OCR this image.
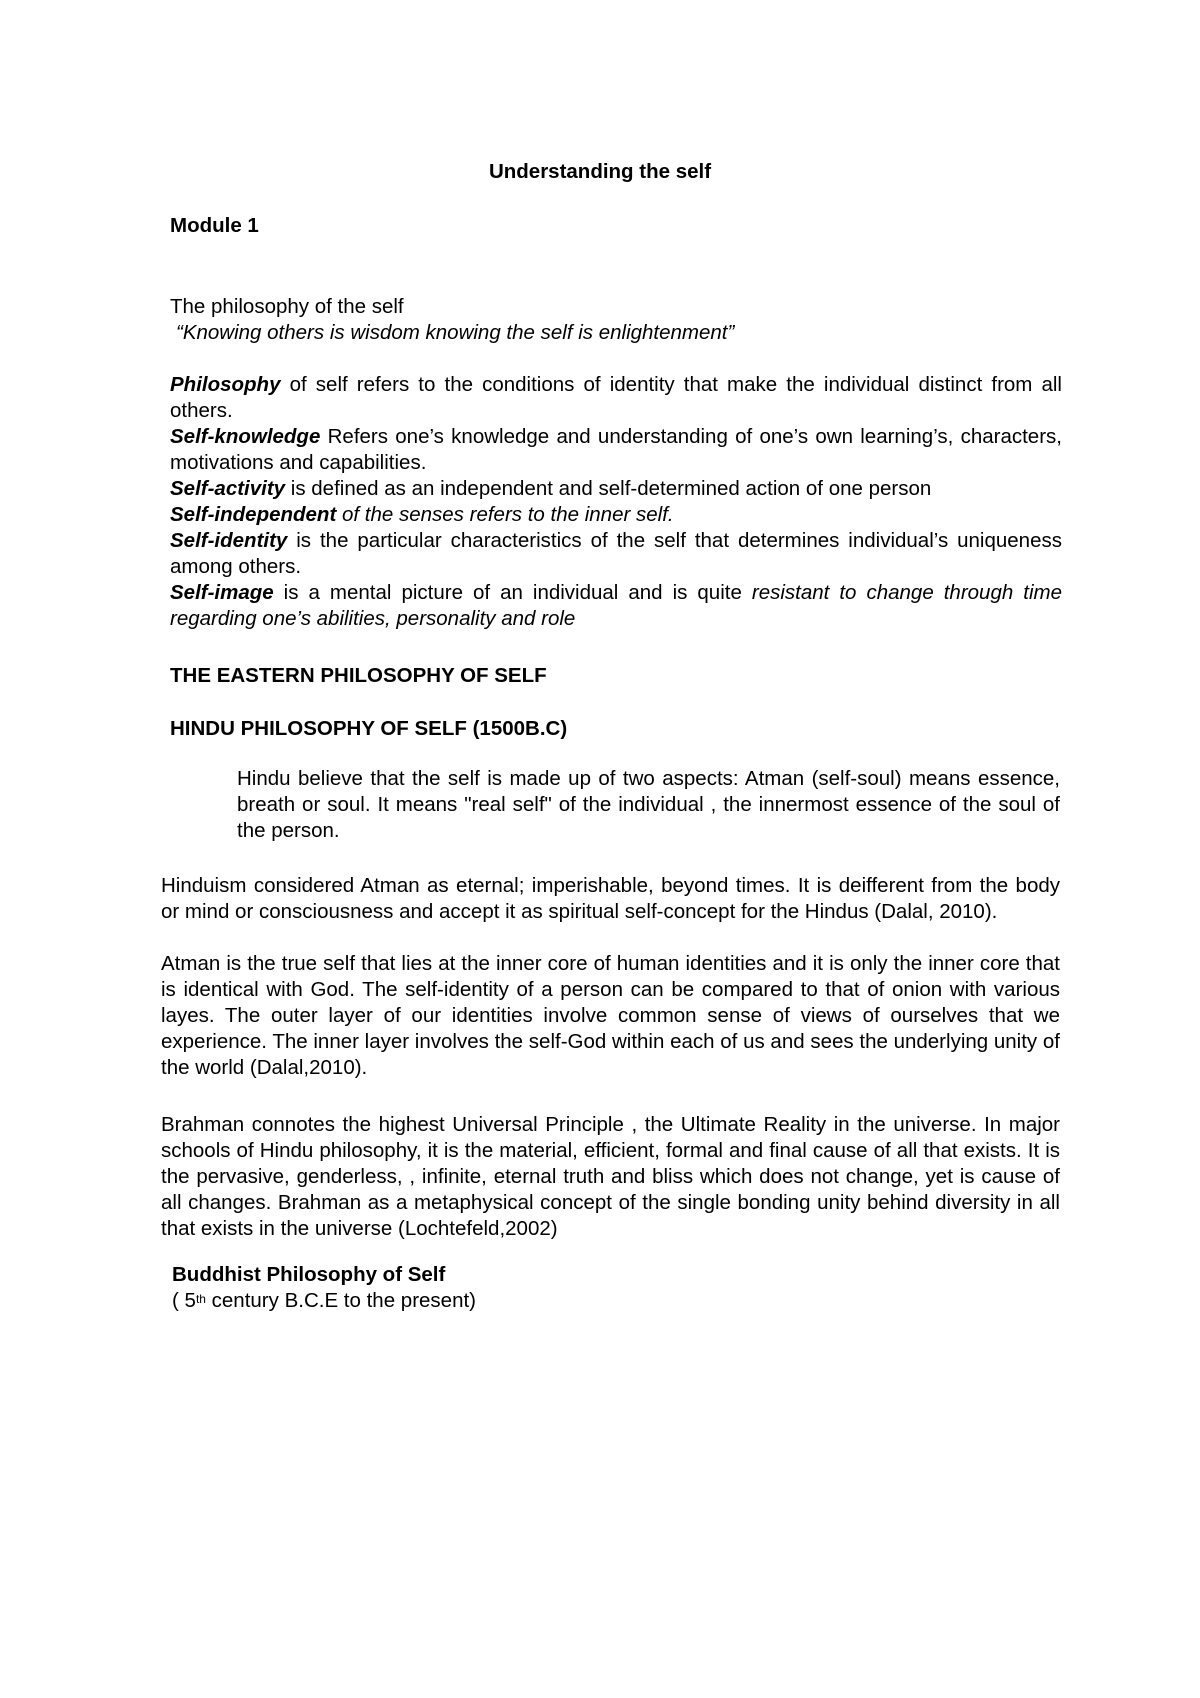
Understanding the self
Module 1
The philosophy of the self
“Knowing others is wisdom knowing the self is enlightenment”
Philosophy of self refers to the conditions of identity that make the individual distinct from all others.
Self-knowledge Refers one’s knowledge and understanding of one’s own learning’s, characters, motivations and capabilities.
Self-activity is defined as an independent and self-determined action of one person
Self-independent of the senses refers to the inner self.
Self-identity is the particular characteristics of the self that determines individual’s uniqueness among others.
Self-image is a mental picture of an individual and is quite resistant to change through time regarding one’s abilities, personality and role
THE EASTERN PHILOSOPHY OF SELF
HINDU PHILOSOPHY OF SELF (1500B.C)
Hindu believe that the self is made up of two aspects: Atman (self-soul) means essence, breath or soul. It means "real self" of the individual , the innermost essence of the soul of the person.
Hinduism considered Atman as eternal; imperishable, beyond times. It is deifferent from the body or mind or consciousness and accept it as spiritual self-concept for the Hindus (Dalal, 2010).
Atman is the true self that lies at the inner core of human identities and it is only the inner core that is identical with God. The self-identity of a person can be compared to that of onion with various layes. The outer layer of our identities involve common sense of views of ourselves that we experience. The inner layer involves the self-God within each of us and sees the underlying unity of the world (Dalal,2010).
Brahman connotes the highest Universal Principle , the Ultimate Reality in the universe. In major schools of Hindu philosophy, it is the material, efficient, formal and final cause of all that exists. It is the pervasive, genderless, , infinite, eternal truth and bliss which does not change, yet is cause of all changes. Brahman as a metaphysical concept of the single bonding unity behind diversity in all that exists in the universe (Lochtefeld,2002)
Buddhist Philosophy of Self
( 5th century B.C.E to the present)
